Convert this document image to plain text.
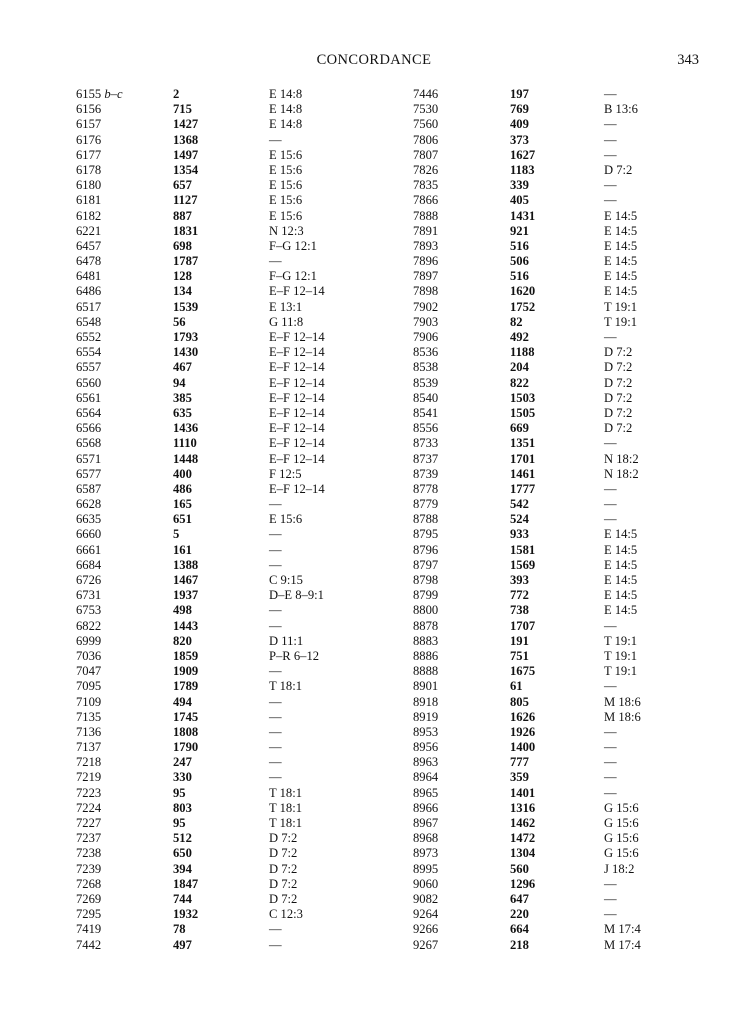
CONCORDANCE	343
6155 b–c	2	E 14:8
6156	715	E 14:8
6157	1427	E 14:8
6176	1368	—
6177	1497	E 15:6
6178	1354	E 15:6
6180	657	E 15:6
6181	1127	E 15:6
6182	887	E 15:6
6221	1831	N 12:3
6457	698	F–G 12:1
6478	1787	—
6481	128	F–G 12:1
6486	134	E–F 12–14
6517	1539	E 13:1
6548	56	G 11:8
6552	1793	E–F 12–14
6554	1430	E–F 12–14
6557	467	E–F 12–14
6560	94	E–F 12–14
6561	385	E–F 12–14
6564	635	E–F 12–14
6566	1436	E–F 12–14
6568	1110	E–F 12–14
6571	1448	E–F 12–14
6577	400	F 12:5
6587	486	E–F 12–14
6628	165	—
6635	651	E 15:6
6660	5	—
6661	161	—
6684	1388	—
6726	1467	C 9:15
6731	1937	D–E 8–9:1
6753	498	—
6822	1443	—
6999	820	D 11:1
7036	1859	P–R 6–12
7047	1909	—
7095	1789	T 18:1
7109	494	—
7135	1745	—
7136	1808	—
7137	1790	—
7218	247	—
7219	330	—
7223	95	T 18:1
7224	803	T 18:1
7227	95	T 18:1
7237	512	D 7:2
7238	650	D 7:2
7239	394	D 7:2
7268	1847	D 7:2
7269	744	D 7:2
7295	1932	C 12:3
7419	78	—
7442	497	—
7446	197	—
7530	769	B 13:6
7560	409	—
7806	373	—
7807	1627	—
7826	1183	D 7:2
7835	339	—
7866	405	—
7888	1431	E 14:5
7891	921	E 14:5
7893	516	E 14:5
7896	506	E 14:5
7897	516	E 14:5
7898	1620	E 14:5
7902	1752	T 19:1
7903	82	T 19:1
7906	492	—
8536	1188	D 7:2
8538	204	D 7:2
8539	822	D 7:2
8540	1503	D 7:2
8541	1505	D 7:2
8556	669	D 7:2
8733	1351	—
8737	1701	N 18:2
8739	1461	N 18:2
8778	1777	—
8779	542	—
8788	524	—
8795	933	E 14:5
8796	1581	E 14:5
8797	1569	E 14:5
8798	393	E 14:5
8799	772	E 14:5
8800	738	E 14:5
8878	1707	—
8883	191	T 19:1
8886	751	T 19:1
8888	1675	T 19:1
8901	61	—
8918	805	M 18:6
8919	1626	M 18:6
8953	1926	—
8956	1400	—
8963	777	—
8964	359	—
8965	1401	—
8966	1316	G 15:6
8967	1462	G 15:6
8968	1472	G 15:6
8973	1304	G 15:6
8995	560	J 18:2
9060	1296	—
9082	647	—
9264	220	—
9266	664	M 17:4
9267	218	M 17:4
